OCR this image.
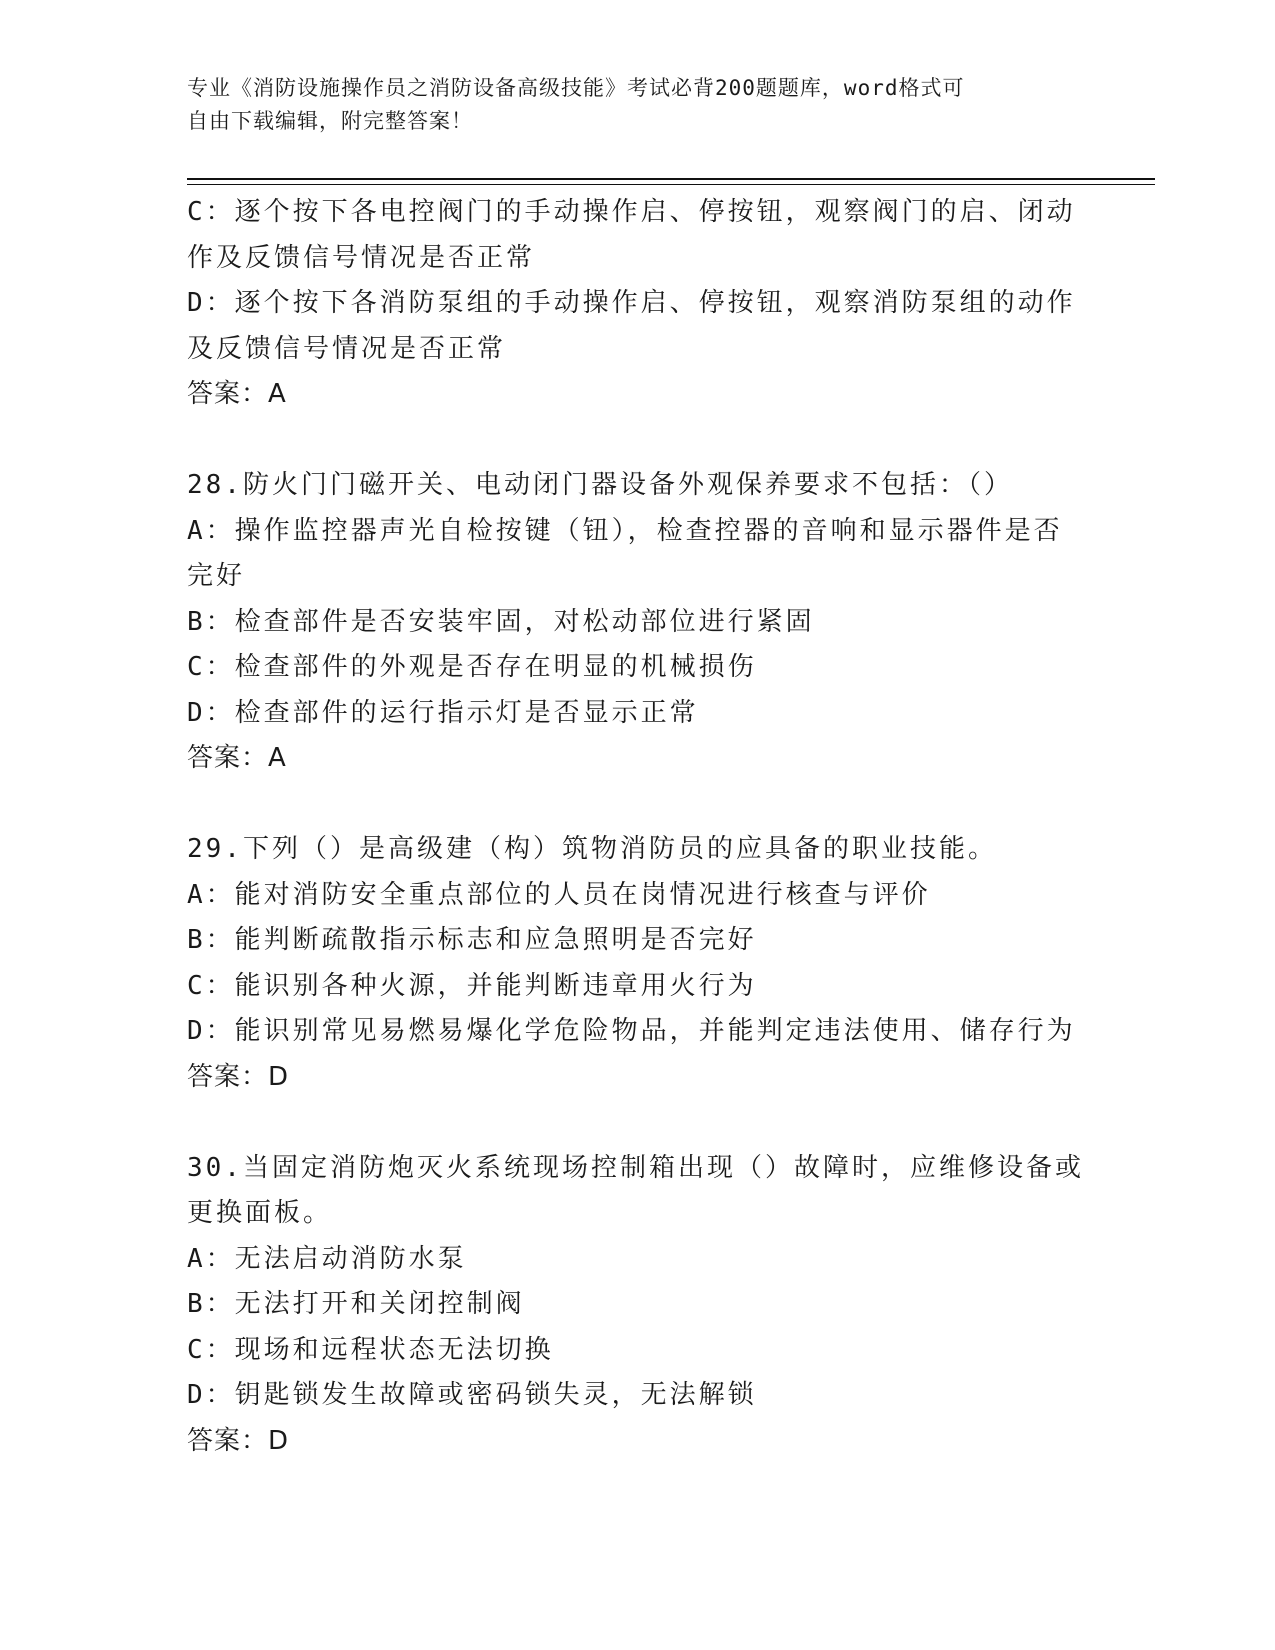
专业《消防设施操作员之消防设备高级技能》考试必背200题题库，word格式可
自由下载编辑，附完整答案！
C：逐个按下各电控阀门的手动操作启、停按钮，观察阀门的启、闭动
作及反馈信号情况是否正常
D：逐个按下各消防泵组的手动操作启、停按钮，观察消防泵组的动作
及反馈信号情况是否正常
答案：A
28.防火门门磁开关、电动闭门器设备外观保养要求不包括：（）
A：操作监控器声光自检按键（钮），检查控器的音响和显示器件是否
完好
B：检查部件是否安装牢固，对松动部位进行紧固
C：检查部件的外观是否存在明显的机械损伤
D：检查部件的运行指示灯是否显示正常
答案：A
29.下列（）是高级建（构）筑物消防员的应具备的职业技能。
A：能对消防安全重点部位的人员在岗情况进行核查与评价
B：能判断疏散指示标志和应急照明是否完好
C：能识别各种火源，并能判断违章用火行为
D：能识别常见易燃易爆化学危险物品，并能判定违法使用、储存行为
答案：D
30.当固定消防炮灭火系统现场控制箱出现（）故障时，应维修设备或
更换面板。
A：无法启动消防水泵
B：无法打开和关闭控制阀
C：现场和远程状态无法切换
D：钥匙锁发生故障或密码锁失灵，无法解锁
答案：D
